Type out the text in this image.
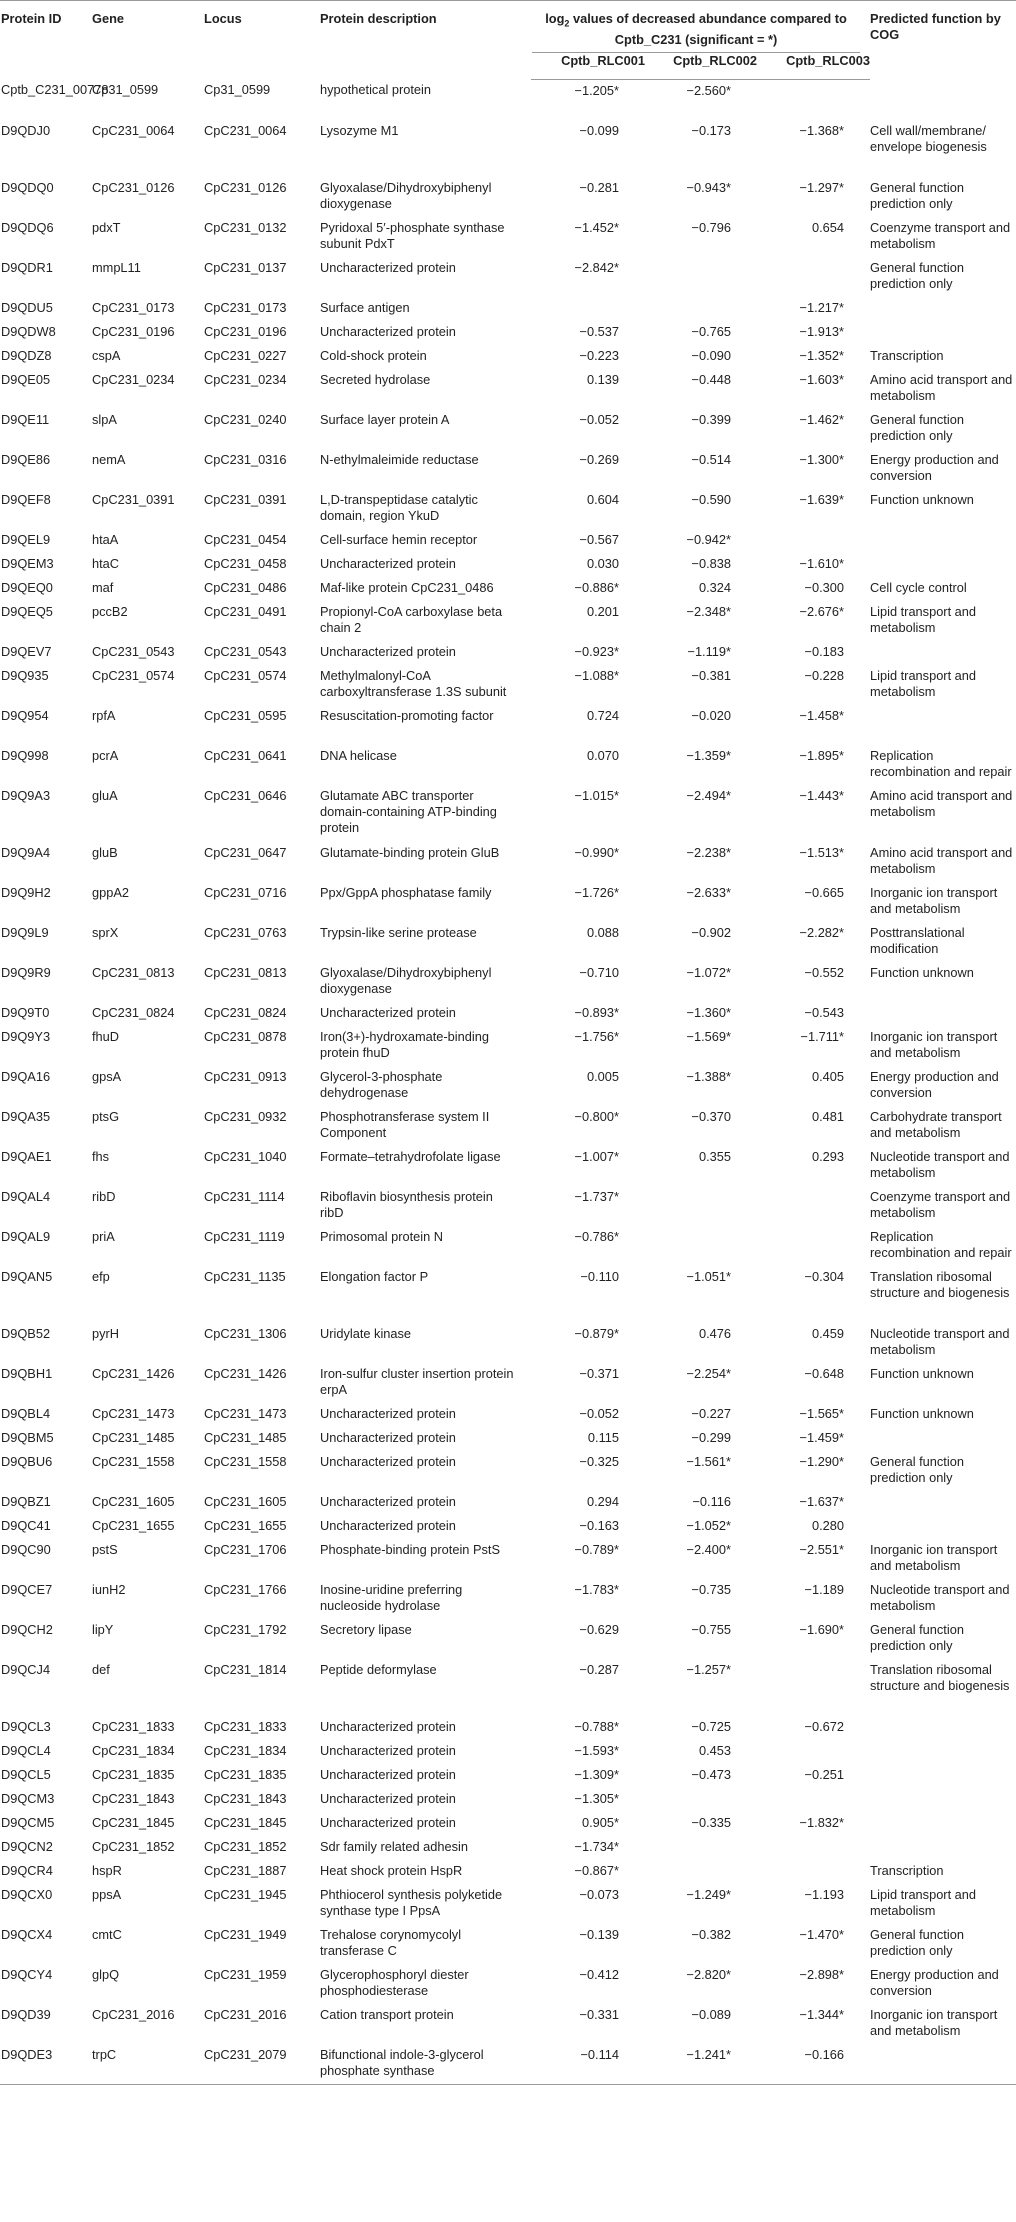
Protein ID	Gene	Locus	Protein description	$\log_2$ values of decreased abundance compared to Cptb_C231 (significant = *)			Predicted function by COG
				Cptb_RLC001	Cptb_RLC002	Cptb_RLC003	
Cptb_C231_00778	Cp31_0599	Cp31_0599	hypothetical protein	−1.205*	−2.560*		
D9QDJ0	CpC231_0064	CpC231_0064	Lysozyme M1	−0.099	−0.173	−1.368*	Cell wall/membrane/ envelope biogenesis
D9QDQ0	CpC231_0126	CpC231_0126	Glyoxalase/Dihydroxybiphenyl dioxygenase	−0.281	−0.943*	−1.297*	General function prediction only
D9QDQ6	pdxT	CpC231_0132	Pyridoxal 5′-phosphate synthase subunit PdxT	−1.452*	−0.796	0.654	Coenzyme transport and metabolism
D9QDR1	mmpL11	CpC231_0137	Uncharacterized protein	−2.842*			General function prediction only
D9QDU5	CpC231_0173	CpC231_0173	Surface antigen			−1.217*	
D9QDW8	CpC231_0196	CpC231_0196	Uncharacterized protein	−0.537	−0.765	−1.913*	
D9QDZ8	cspA	CpC231_0227	Cold-shock protein	−0.223	−0.090	−1.352*	Transcription
D9QE05	CpC231_0234	CpC231_0234	Secreted hydrolase	0.139	−0.448	−1.603*	Amino acid transport and metabolism
D9QE11	slpA	CpC231_0240	Surface layer protein A	−0.052	−0.399	−1.462*	General function prediction only
D9QE86	nemA	CpC231_0316	N-ethylmaleimide reductase	−0.269	−0.514	−1.300*	Energy production and conversion
D9QEF8	CpC231_0391	CpC231_0391	L,D-transpeptidase catalytic domain, region YkuD	0.604	−0.590	−1.639*	Function unknown
D9QEL9	htaA	CpC231_0454	Cell-surface hemin receptor	−0.567	−0.942*		
D9QEM3	htaC	CpC231_0458	Uncharacterized protein	0.030	−0.838	−1.610*	
D9QEQ0	maf	CpC231_0486	Maf-like protein CpC231_0486	−0.886*	0.324	−0.300	Cell cycle control
D9QEQ5	pccB2	CpC231_0491	Propionyl-CoA carboxylase beta chain 2	0.201	−2.348*	−2.676*	Lipid transport and metabolism
D9QEV7	CpC231_0543	CpC231_0543	Uncharacterized protein	−0.923*	−1.119*	−0.183	
D9Q935	CpC231_0574	CpC231_0574	Methylmalonyl-CoA carboxyltransferase 1.3S subunit	−1.088*	−0.381	−0.228	Lipid transport and metabolism
D9Q954	rpfA	CpC231_0595	Resuscitation-promoting factor	0.724	−0.020	−1.458*	
D9Q998	pcrA	CpC231_0641	DNA helicase	0.070	−1.359*	−1.895*	Replication recombination and repair
D9Q9A3	gluA	CpC231_0646	Glutamate ABC transporter domain-containing ATP-binding protein	−1.015*	−2.494*	−1.443*	Amino acid transport and metabolism
D9Q9A4	gluB	CpC231_0647	Glutamate-binding protein GluB	−0.990*	−2.238*	−1.513*	Amino acid transport and metabolism
D9Q9H2	gppA2	CpC231_0716	Ppx/GppA phosphatase family	−1.726*	−2.633*	−0.665	Inorganic ion transport and metabolism
D9Q9L9	sprX	CpC231_0763	Trypsin-like serine protease	0.088	−0.902	−2.282*	Posttranslational modification
D9Q9R9	CpC231_0813	CpC231_0813	Glyoxalase/Dihydroxybiphenyl dioxygenase	−0.710	−1.072*	−0.552	Function unknown
D9Q9T0	CpC231_0824	CpC231_0824	Uncharacterized protein	−0.893*	−1.360*	−0.543	
D9Q9Y3	fhuD	CpC231_0878	Iron(3+)-hydroxamate-binding protein fhuD	−1.756*	−1.569*	−1.711*	Inorganic ion transport and metabolism
D9QA16	gpsA	CpC231_0913	Glycerol-3-phosphate dehydrogenase	0.005	−1.388*	0.405	Energy production and conversion
D9QA35	ptsG	CpC231_0932	Phosphotransferase system II Component	−0.800*	−0.370	0.481	Carbohydrate transport and metabolism
D9QAE1	fhs	CpC231_1040	Formate–tetrahydrofolate ligase	−1.007*	0.355	0.293	Nucleotide transport and metabolism
D9QAL4	ribD	CpC231_1114	Riboflavin biosynthesis protein ribD	−1.737*			Coenzyme transport and metabolism
D9QAL9	priA	CpC231_1119	Primosomal protein N	−0.786*			Replication recombination and repair
D9QAN5	efp	CpC231_1135	Elongation factor P	−0.110	−1.051*	−0.304	Translation ribosomal structure and biogenesis
D9QB52	pyrH	CpC231_1306	Uridylate kinase	−0.879*	0.476	0.459	Nucleotide transport and metabolism
D9QBH1	CpC231_1426	CpC231_1426	Iron-sulfur cluster insertion protein erpA	−0.371	−2.254*	−0.648	Function unknown
D9QBL4	CpC231_1473	CpC231_1473	Uncharacterized protein	−0.052	−0.227	−1.565*	Function unknown
D9QBM5	CpC231_1485	CpC231_1485	Uncharacterized protein	0.115	−0.299	−1.459*	
D9QBU6	CpC231_1558	CpC231_1558	Uncharacterized protein	−0.325	−1.561*	−1.290*	General function prediction only
D9QBZ1	CpC231_1605	CpC231_1605	Uncharacterized protein	0.294	−0.116	−1.637*	
D9QC41	CpC231_1655	CpC231_1655	Uncharacterized protein	−0.163	−1.052*	0.280	
D9QC90	pstS	CpC231_1706	Phosphate-binding protein PstS	−0.789*	−2.400*	−2.551*	Inorganic ion transport and metabolism
D9QCE7	iunH2	CpC231_1766	Inosine-uridine preferring nucleoside hydrolase	−1.783*	−0.735	−1.189	Nucleotide transport and metabolism
D9QCH2	lipY	CpC231_1792	Secretory lipase	−0.629	−0.755	−1.690*	General function prediction only
D9QCJ4	def	CpC231_1814	Peptide deformylase	−0.287	−1.257*		Translation ribosomal structure and biogenesis
D9QCL3	CpC231_1833	CpC231_1833	Uncharacterized protein	−0.788*	−0.725	−0.672	
D9QCL4	CpC231_1834	CpC231_1834	Uncharacterized protein	−1.593*	0.453		
D9QCL5	CpC231_1835	CpC231_1835	Uncharacterized protein	−1.309*	−0.473	−0.251	
D9QCM3	CpC231_1843	CpC231_1843	Uncharacterized protein	−1.305*			
D9QCM5	CpC231_1845	CpC231_1845	Uncharacterized protein	0.905*	−0.335	−1.832*	
D9QCN2	CpC231_1852	CpC231_1852	Sdr family related adhesin	−1.734*			
D9QCR4	hspR	CpC231_1887	Heat shock protein HspR	−0.867*			Transcription
D9QCX0	ppsA	CpC231_1945	Phthiocerol synthesis polyketide synthase type I PpsA	−0.073	−1.249*	−1.193	Lipid transport and metabolism
D9QCX4	cmtC	CpC231_1949	Trehalose corynomycolyl transferase C	−0.139	−0.382	−1.470*	General function prediction only
D9QCY4	glpQ	CpC231_1959	Glycerophosphoryl diester phosphodiesterase	−0.412	−2.820*	−2.898*	Energy production and conversion
D9QD39	CpC231_2016	CpC231_2016	Cation transport protein	−0.331	−0.089	−1.344*	Inorganic ion transport and metabolism
D9QDE3	trpC	CpC231_2079	Bifunctional indole-3-glycerol phosphate synthase	−0.114	−1.241*	−0.166	
